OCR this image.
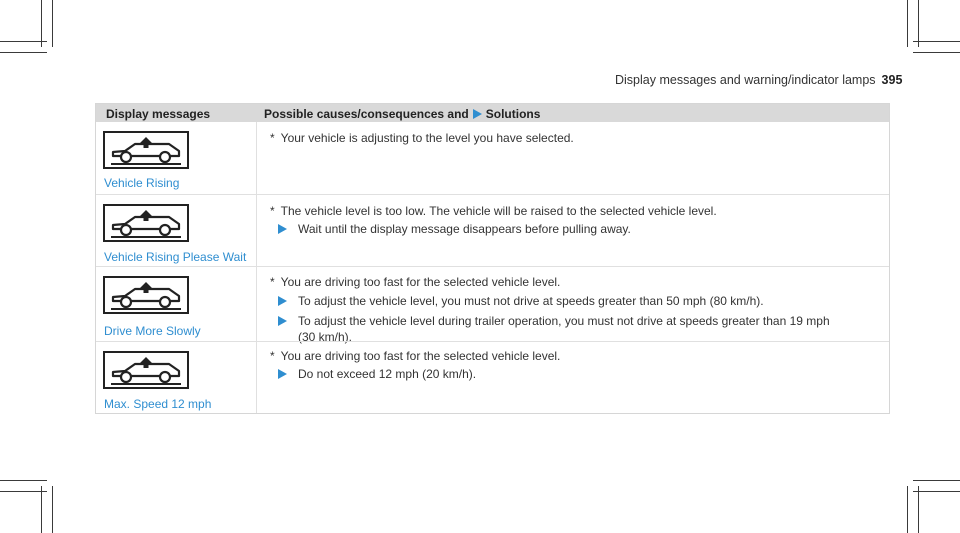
Display messages and warning/indicator lamps 395
Display messages	Possible causes/consequences and Solutions
Vehicle Rising
* Your vehicle is adjusting to the level you have selected.
Vehicle Rising Please Wait
* The vehicle level is too low. The vehicle will be raised to the selected vehicle level.
Wait until the display message disappears before pulling away.
Drive More Slowly
* You are driving too fast for the selected vehicle level.
To adjust the vehicle level, you must not drive at speeds greater than 50 mph (80 km/h).
To adjust the vehicle level during trailer operation, you must not drive at speeds greater than 19 mph
(30 km/h).
Max. Speed 12 mph
* You are driving too fast for the selected vehicle level.
Do not exceed 12 mph (20 km/h).
